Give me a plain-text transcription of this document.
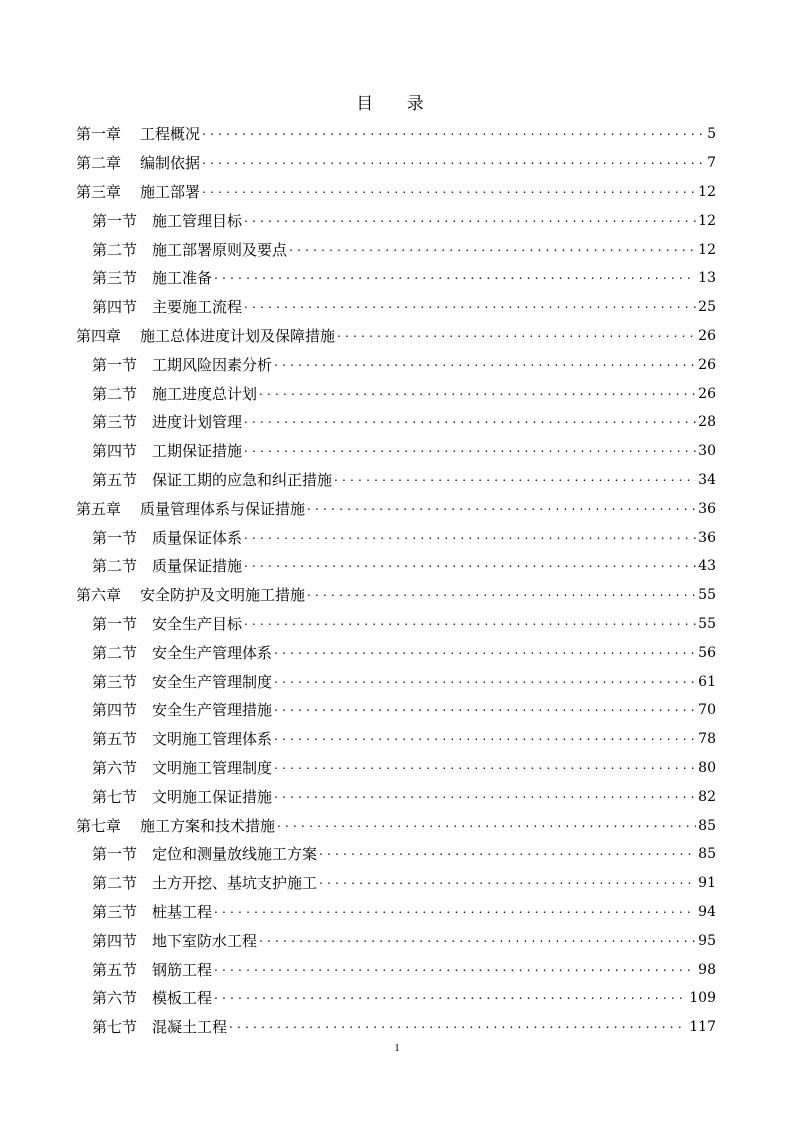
目 录
第一章	工程概况 .....	5
第二章	编制依据 .....	7
第三章	施工部署 .....	12
第一节 施工管理目标 .....	12
第二节 施工部署原则及要点 .....	12
第三节 施工准备 .....	13
第四节 主要施工流程 .....	25
第四章	施工总体进度计划及保障措施 .....	26
第一节 工期风险因素分析 .....	26
第二节 施工进度总计划 .....	26
第三节 进度计划管理 .....	28
第四节 工期保证措施 .....	30
第五节 保证工期的应急和纠正措施 .....	34
第五章	质量管理体系与保证措施 .....	36
第一节 质量保证体系 .....	36
第二节 质量保证措施 .....	43
第六章	安全防护及文明施工措施 .....	55
第一节 安全生产目标 .....	55
第二节 安全生产管理体系 .....	56
第三节 安全生产管理制度 .....	61
第四节 安全生产管理措施 .....	70
第五节 文明施工管理体系 .....	78
第六节 文明施工管理制度 .....	80
第七节 文明施工保证措施 .....	82
第七章	施工方案和技术措施 .....	85
第一节 定位和测量放线施工方案 .....	85
第二节 土方开挖、基坑支护施工 .....	91
第三节 桩基工程 .....	94
第四节 地下室防水工程 .....	95
第五节 钢筋工程 .....	98
第六节 模板工程 .....	109
第七节 混凝土工程 .....	117
1
